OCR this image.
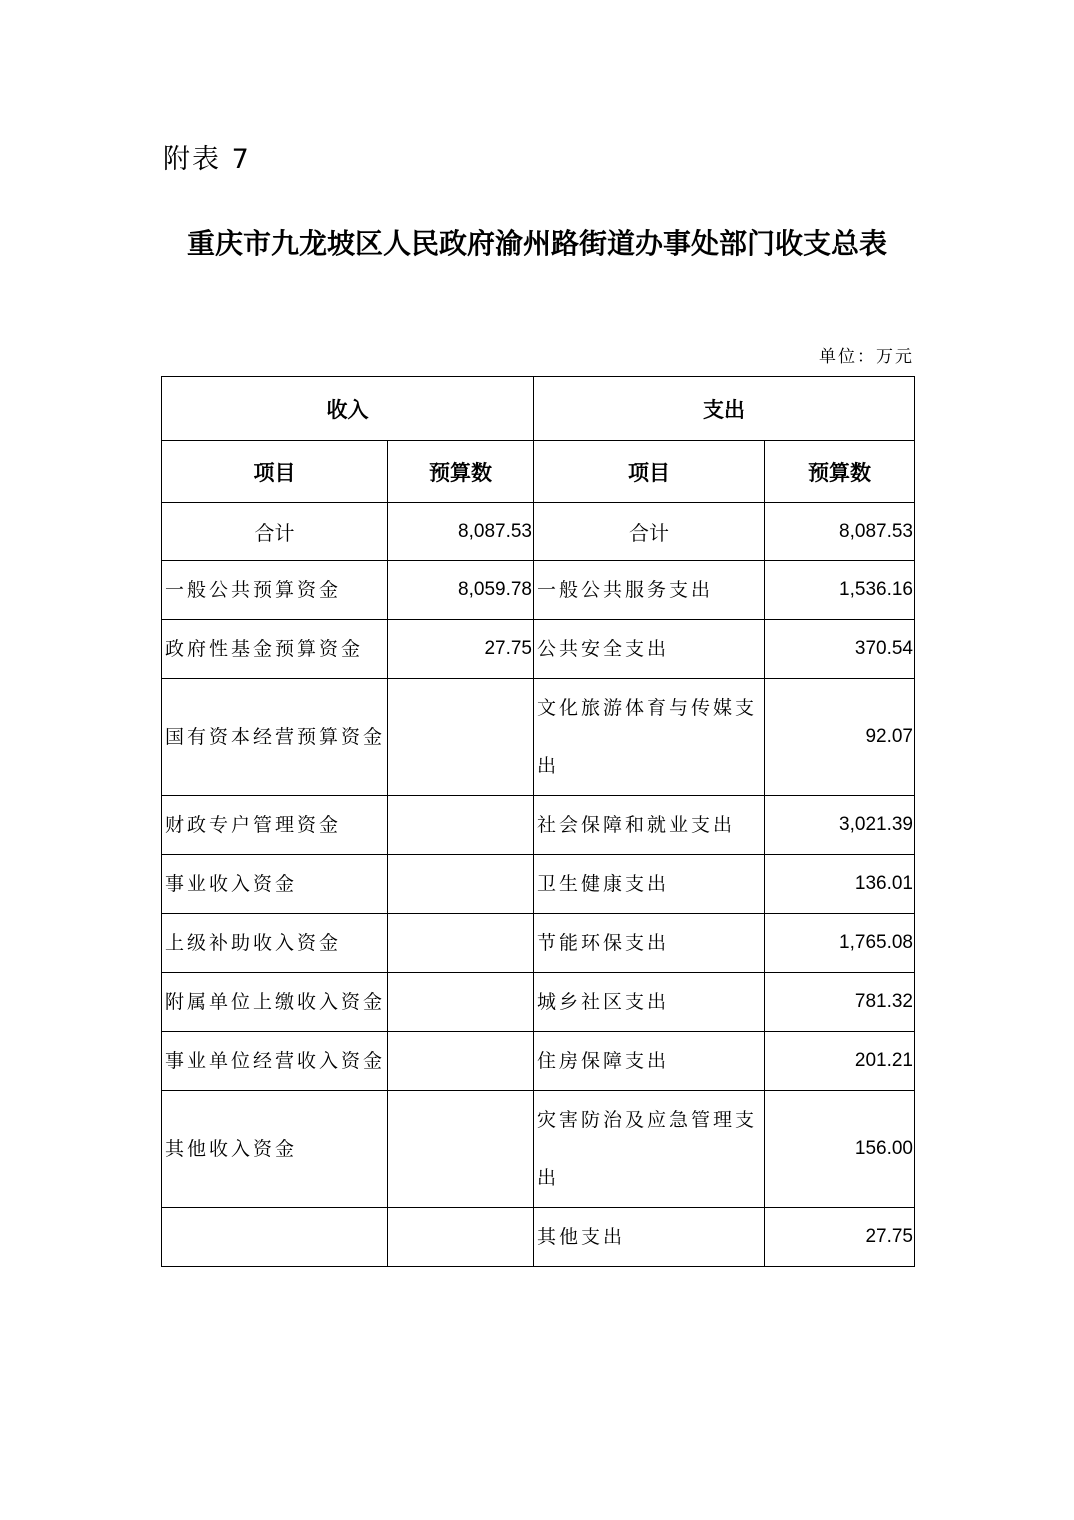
附表 7
重庆市九龙坡区人民政府渝州路街道办事处部门收支总表
单位：万元
收入		支出	
项目	预算数	项目	预算数
合计	8,087.53	合计	8,087.53
一般公共预算资金	8,059.78	一般公共服务支出	1,536.16
政府性基金预算资金	27.75	公共安全支出	370.54
国有资本经营预算资金		文化旅游体育与传媒支出	92.07
财政专户管理资金		社会保障和就业支出	3,021.39
事业收入资金		卫生健康支出	136.01
上级补助收入资金		节能环保支出	1,765.08
附属单位上缴收入资金		城乡社区支出	781.32
事业单位经营收入资金		住房保障支出	201.21
其他收入资金		灾害防治及应急管理支出	156.00
		其他支出	27.75
